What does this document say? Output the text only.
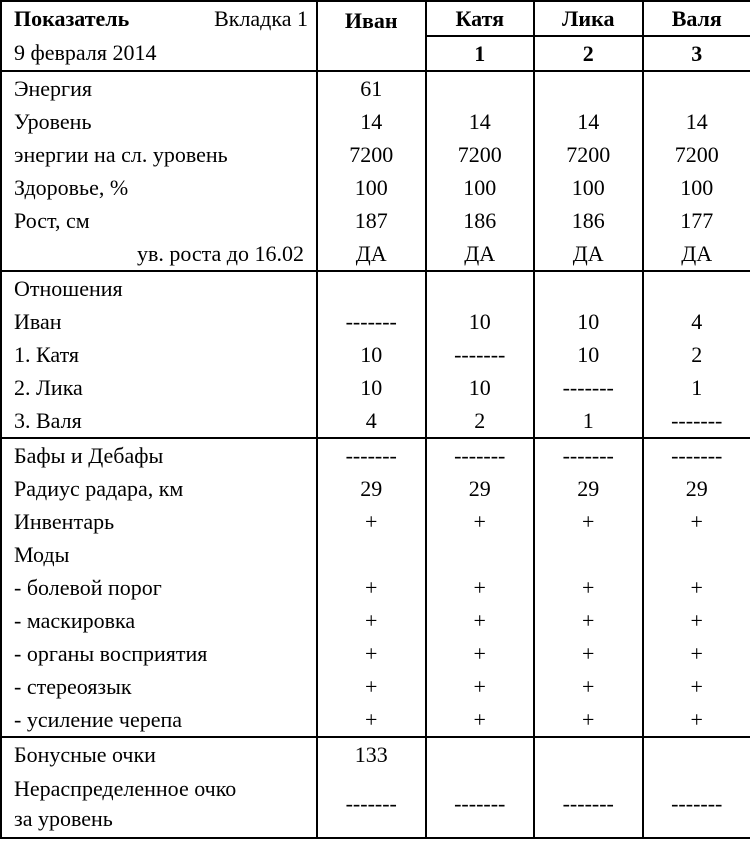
Показатель Вкладка 1	Иван	Катя	Лика	Валя
9 февраля 2014		1	2	3
Энергия	61			
Уровень	14	14	14	14
энергии на сл. уровень	7200	7200	7200	7200
Здоровье, %	100	100	100	100
Рост, см	187	186	186	177
ув. роста до 16.02	ДА	ДА	ДА	ДА
Отношения				
Иван	-------	10	10	4
1. Катя	10	-------	10	2
2. Лика	10	10	-------	1
3. Валя	4	2	1	-------
Бафы и Дебафы	-------	-------	-------	-------
Радиус радара, км	29	29	29	29
Инвентарь	+	+	+	+
Моды				
- болевой порог	+	+	+	+
- маскировка	+	+	+	+
- органы восприятия	+	+	+	+
- стереоязык	+	+	+	+
- усиление черепа	+	+	+	+
Бонусные очки	133			

Нераспределенное очко
за уровень	-------	-------	-------	-------
